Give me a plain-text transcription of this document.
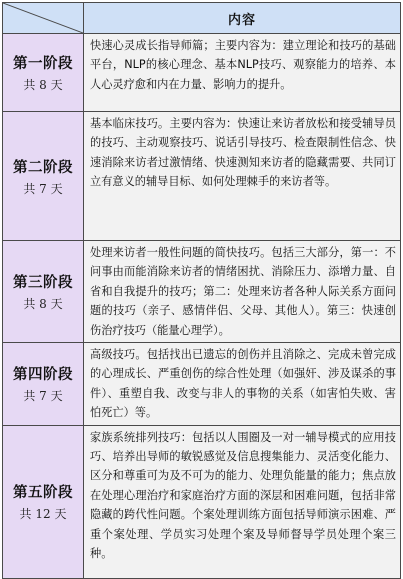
	内容

第一阶段
共 8 天	快速心灵成长指导师篇；主要内容为：建立理论和技巧的基础平台，NLP的核心理念、基本NLP技巧、观察能力的培养、本人心灵疗愈和内在力量、影响力的提升。

第二阶段
共 7 天	基本临床技巧。主要内容为：快速让来访者放松和接受辅导员的技巧、主动观察技巧、说话引导技巧、检查限制性信念、快速消除来访者过激情绪、快速测知来访者的隐藏需要、共同订立有意义的辅导目标、如何处理棘手的来访者等。

第三阶段
共 8 天	处理来访者一般性问题的简快技巧。包括三大部分，第一：不问事由而能消除来访者的情绪困扰、消除压力、添增力量、自省和自我提升的技巧；第二：处理来访者各种人际关系方面问题的技巧（亲子、感情伴侣、父母、其他人）。第三：快速创伤治疗技巧（能量心理学）。

第四阶段
共 7 天	高级技巧。包括找出已遗忘的创伤并且消除之、完成未曾完成的心理成长、严重创伤的综合性处理（如强奸、涉及谋杀的事件）、重塑自我、改变与非人的事物的关系（如害怕失败、害怕死亡）等。

第五阶段
共 12 天	家族系统排列技巧：包括以人围圈及一对一辅导模式的应用技巧、培养出导师的敏锐感觉及信息搜集能力、灵活变化能力、区分和尊重可为及不可为的能力、处理负能量的能力；焦点放在处理心理治疗和家庭治疗方面的深层和困难问题，包括非常隐藏的跨代性问题。个案处理训练方面包括导师演示困难、严重个案处理、学员实习处理个案及导师督导学员处理个案三种。
